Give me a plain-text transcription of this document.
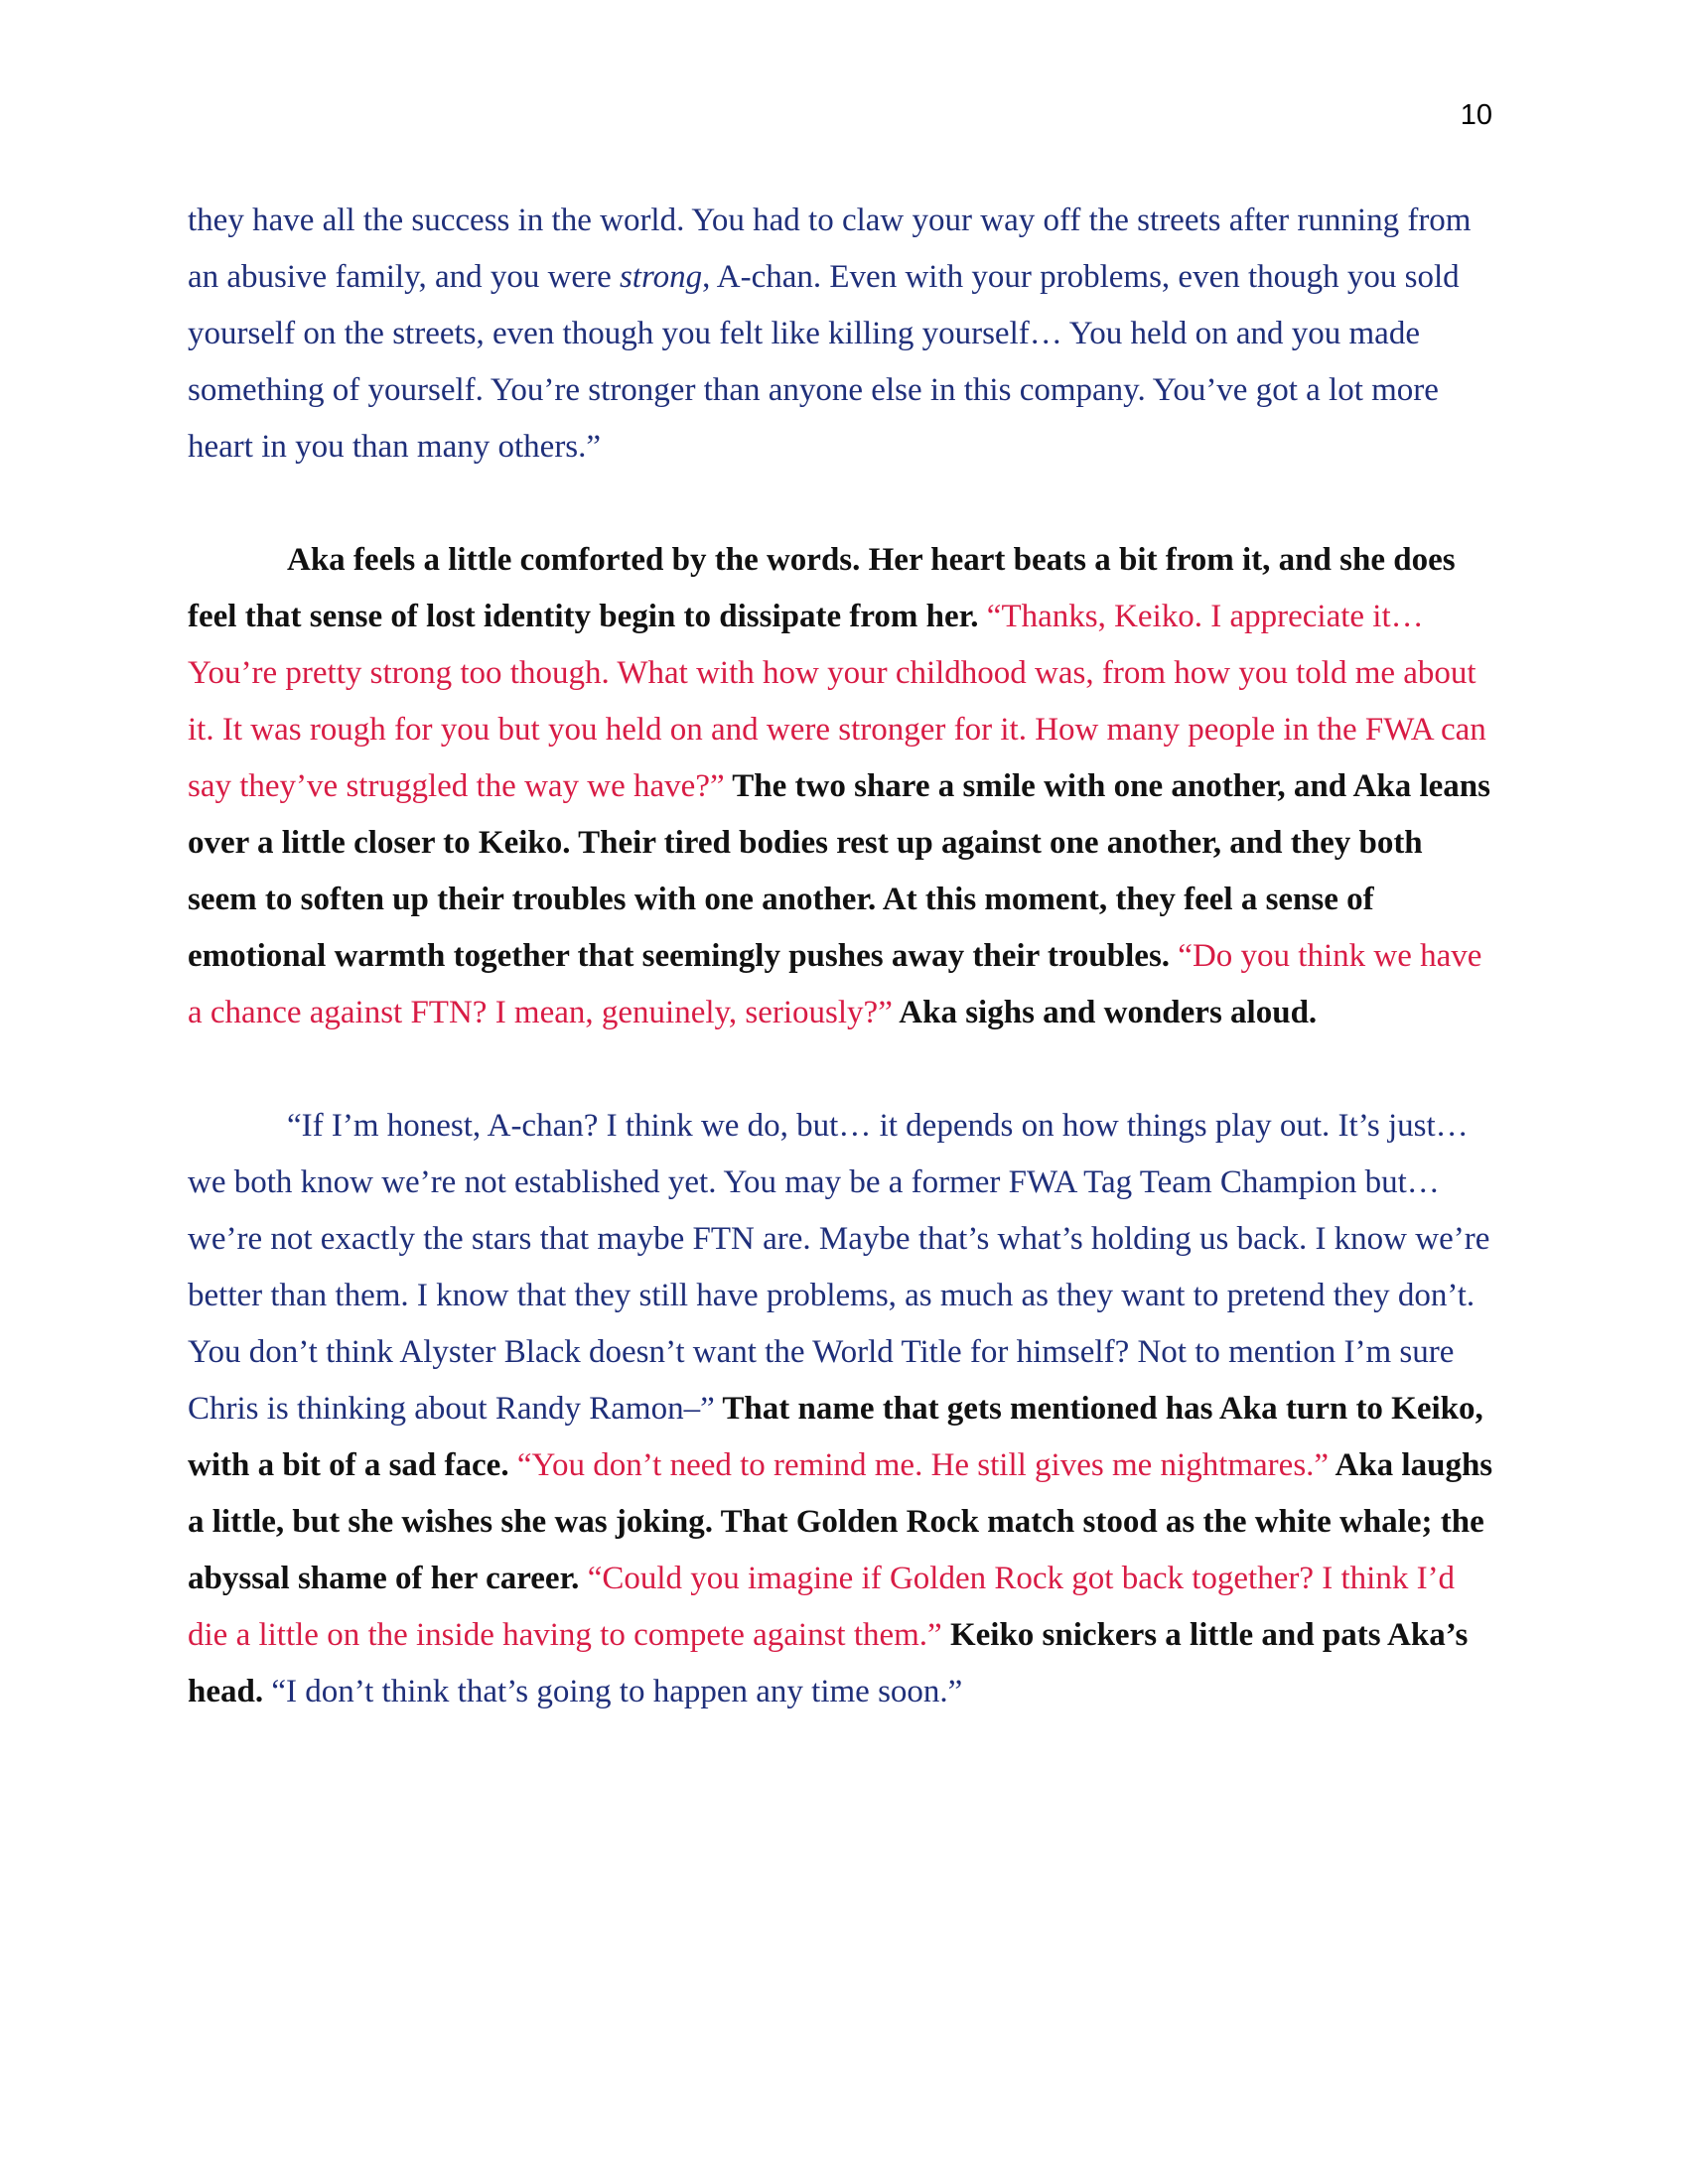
10

they have all the success in the world. You had to claw your way off the streets after running from an abusive family, and you were strong, A-chan. Even with your problems, even though you sold yourself on the streets, even though you felt like killing yourself… You held on and you made something of yourself. You’re stronger than anyone else in this company. You’ve got a lot more heart in you than many others.”

Aka feels a little comforted by the words. Her heart beats a bit from it, and she does feel that sense of lost identity begin to dissipate from her. “Thanks, Keiko. I appreciate it… You’re pretty strong too though. What with how your childhood was, from how you told me about it. It was rough for you but you held on and were stronger for it. How many people in the FWA can say they’ve struggled the way we have?” The two share a smile with one another, and Aka leans over a little closer to Keiko. Their tired bodies rest up against one another, and they both seem to soften up their troubles with one another. At this moment, they feel a sense of emotional warmth together that seemingly pushes away their troubles. “Do you think we have a chance against FTN? I mean, genuinely, seriously?” Aka sighs and wonders aloud.

“If I’m honest, A-chan? I think we do, but… it depends on how things play out. It’s just… we both know we’re not established yet. You may be a former FWA Tag Team Champion but… we’re not exactly the stars that maybe FTN are. Maybe that’s what’s holding us back. I know we’re better than them. I know that they still have problems, as much as they want to pretend they don’t. You don’t think Alyster Black doesn’t want the World Title for himself? Not to mention I’m sure Chris is thinking about Randy Ramon–” That name that gets mentioned has Aka turn to Keiko, with a bit of a sad face. “You don’t need to remind me. He still gives me nightmares.” Aka laughs a little, but she wishes she was joking. That Golden Rock match stood as the white whale; the abyssal shame of her career. “Could you imagine if Golden Rock got back together? I think I’d die a little on the inside having to compete against them.” Keiko snickers a little and pats Aka’s head. “I don’t think that’s going to happen any time soon.”
